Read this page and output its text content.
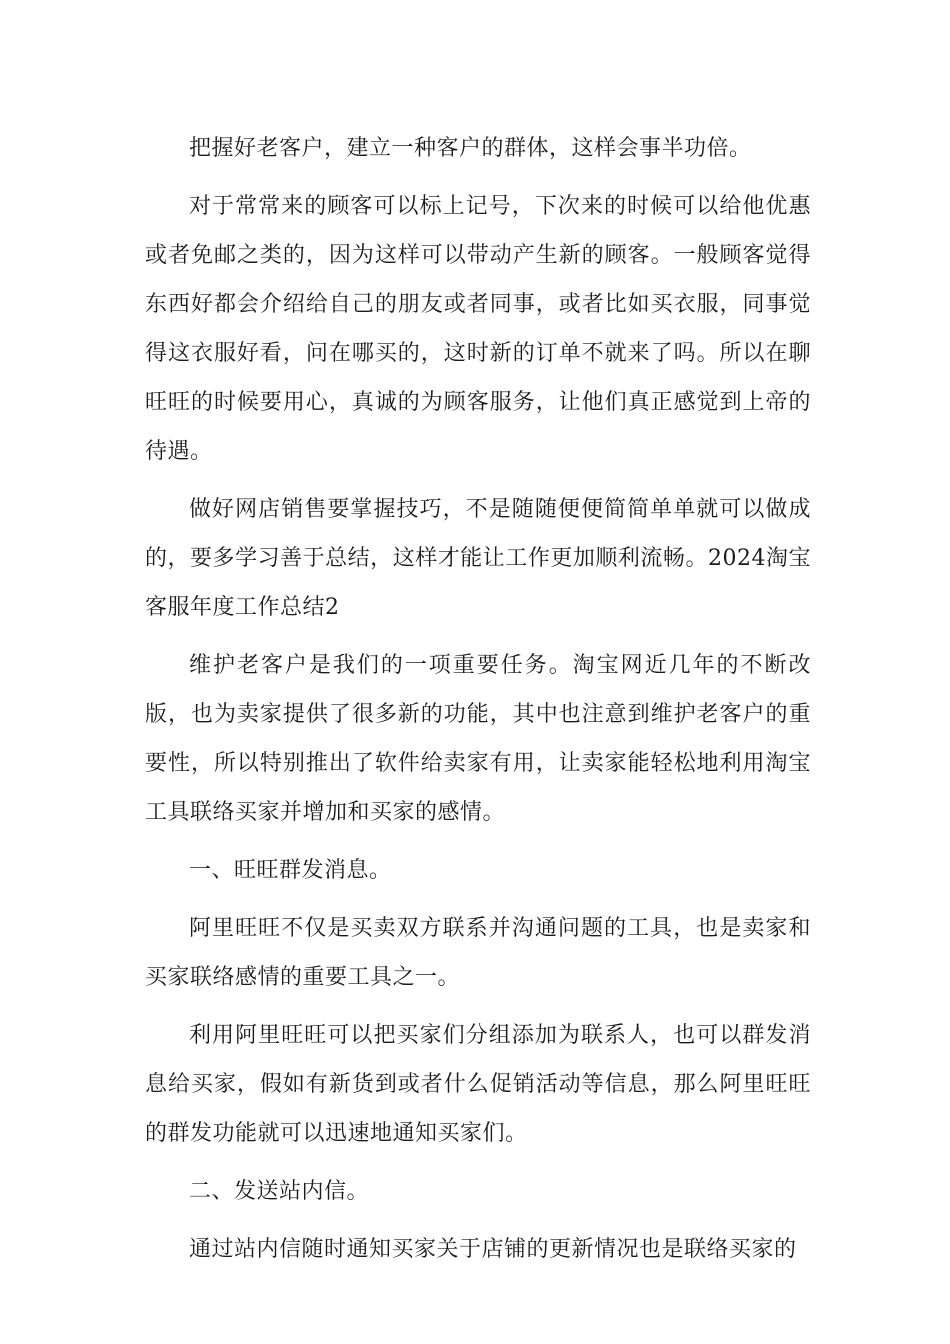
把握好老客户，建立一种客户的群体，这样会事半功倍。

对于常常来的顾客可以标上记号，下次来的时候可以给他优惠或者免邮之类的，因为这样可以带动产生新的顾客。一般顾客觉得东西好都会介绍给自己的朋友或者同事，或者比如买衣服，同事觉得这衣服好看，问在哪买的，这时新的订单不就来了吗。所以在聊旺旺的时候要用心，真诚的为顾客服务，让他们真正感觉到上帝的待遇。

做好网店销售要掌握技巧，不是随随便便简简单单就可以做成的，要多学习善于总结，这样才能让工作更加顺利流畅。2024淘宝客服年度工作总结2

维护老客户是我们的一项重要任务。淘宝网近几年的不断改版，也为卖家提供了很多新的功能，其中也注意到维护老客户的重要性，所以特别推出了软件给卖家有用，让卖家能轻松地利用淘宝工具联络买家并增加和买家的感情。

一、旺旺群发消息。

阿里旺旺不仅是买卖双方联系并沟通问题的工具，也是卖家和买家联络感情的重要工具之一。

利用阿里旺旺可以把买家们分组添加为联系人，也可以群发消息给买家，假如有新货到或者什么促销活动等信息，那么阿里旺旺的群发功能就可以迅速地通知买家们。

二、发送站内信。

通过站内信随时通知买家关于店铺的更新情况也是联络买家的
